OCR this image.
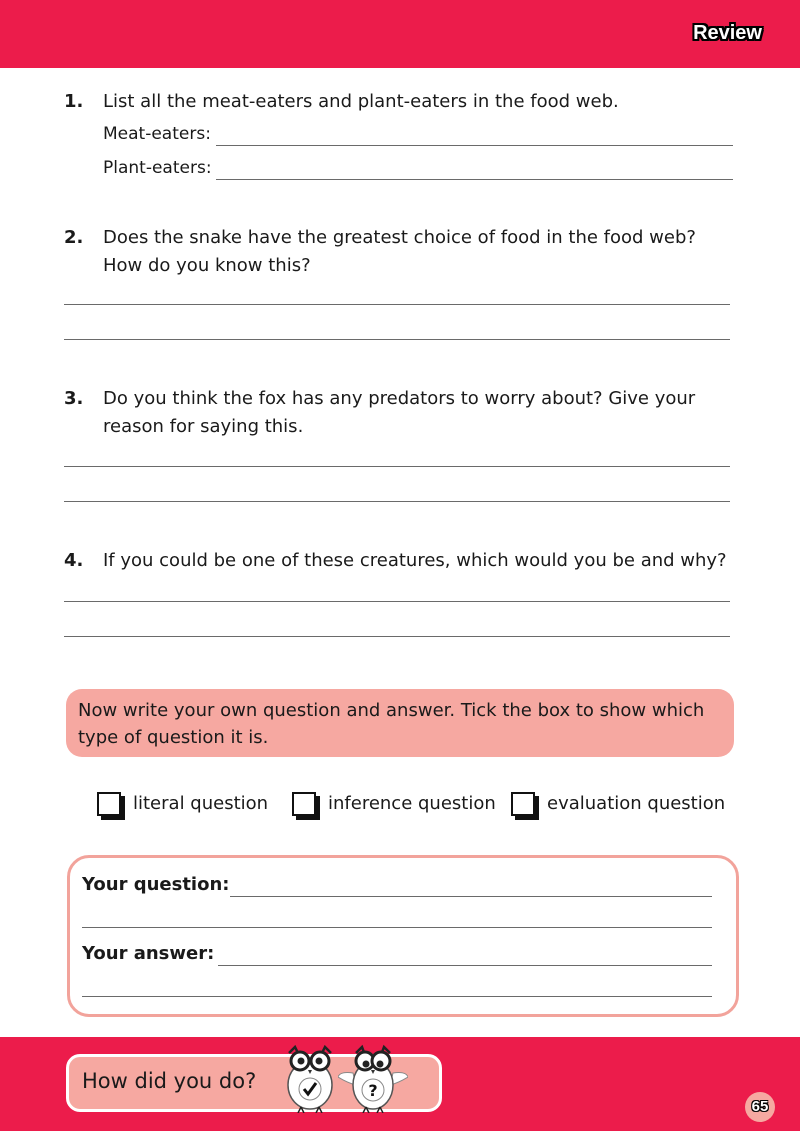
Review
1. List all the meat-eaters and plant-eaters in the food web.
Meat-eaters:
Plant-eaters:
2. Does the snake have the greatest choice of food in the food web? How do you know this?
3. Do you think the fox has any predators to worry about? Give your reason for saying this.
4. If you could be one of these creatures, which would you be and why?
Now write your own question and answer. Tick the box to show which type of question it is.
literal question	inference question	evaluation question
Your question:
Your answer:
How did you do?	?
65
